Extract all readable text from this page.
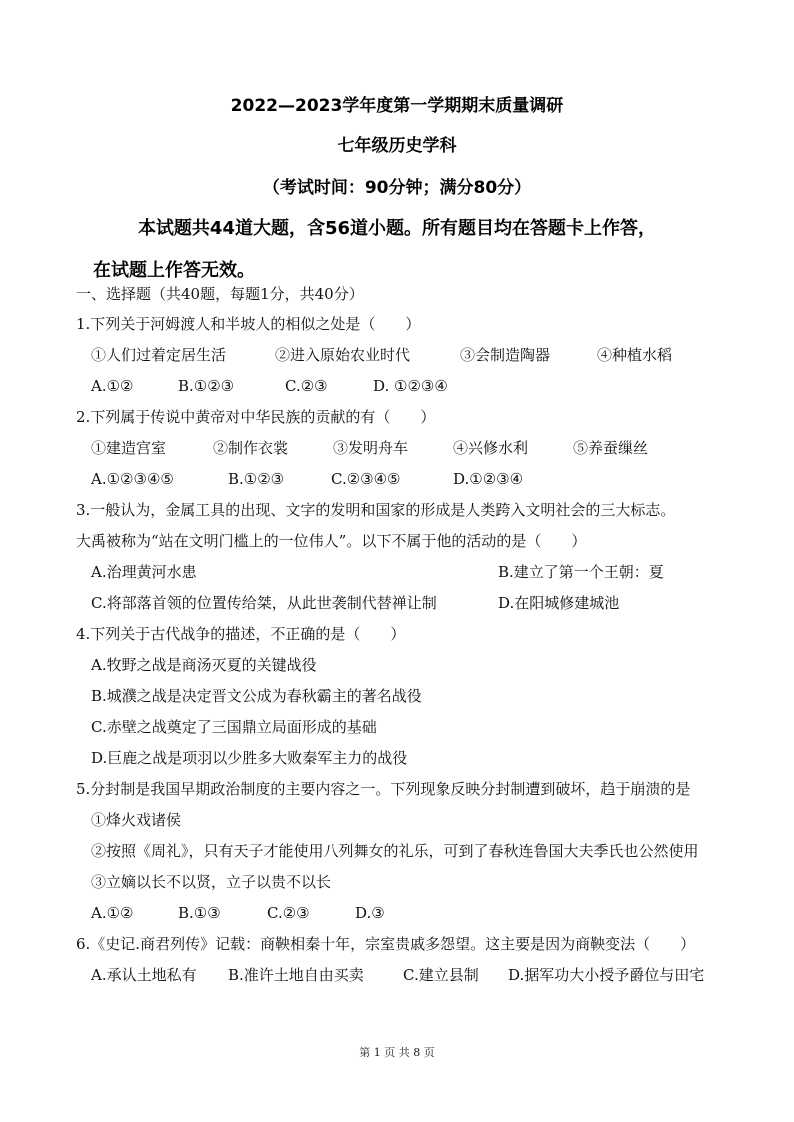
2022—2023学年度第一学期期末质量调研
七年级历史学科
（考试时间：90分钟；满分80分）
本试题共44道大题，含56道小题。所有题目均在答题卡上作答，
在试题上作答无效。
一、选择题（共40题，每题1分，共40分）
1.下列关于河姆渡人和半坡人的相似之处是（　　）
①人们过着定居生活	②进入原始农业时代	③会制造陶器	④种植水稻
A.①②	B.①②③	C.②③	D. ①②③④
2.下列属于传说中黄帝对中华民族的贡献的有（　　）
①建造宫室	②制作衣裳	③发明舟车	④兴修水利	⑤养蚕缫丝
A.①②③④⑤	B.①②③	C.②③④⑤	D.①②③④
3.一般认为，金属工具的出现、文字的发明和国家的形成是人类跨入文明社会的三大标志。
大禹被称为“站在文明门槛上的一位伟人”。以下不属于他的活动的是（　　）
A.治理黄河水患	B.建立了第一个王朝：夏
C.将部落首领的位置传给桀，从此世袭制代替禅让制	D.在阳城修建城池
4.下列关于古代战争的描述，不正确的是（　　）
A.牧野之战是商汤灭夏的关键战役
B.城濮之战是决定晋文公成为春秋霸主的著名战役
C.赤壁之战奠定了三国鼎立局面形成的基础
D.巨鹿之战是项羽以少胜多大败秦军主力的战役
5.分封制是我国早期政治制度的主要内容之一。下列现象反映分封制遭到破坏，趋于崩溃的是
①烽火戏诸侯
②按照《周礼》，只有天子才能使用八列舞女的礼乐，可到了春秋连鲁国大夫季氏也公然使用
③立嫡以长不以贤，立子以贵不以长
A.①②	B.①③	C.②③	D.③
6.《史记.商君列传》记载：商鞅相秦十年，宗室贵戚多怨望。这主要是因为商鞅变法（　　）
A.承认土地私有 B.准许土地自由买卖	C.建立县制 D.据军功大小授予爵位与田宅
第 1 页 共 8 页
